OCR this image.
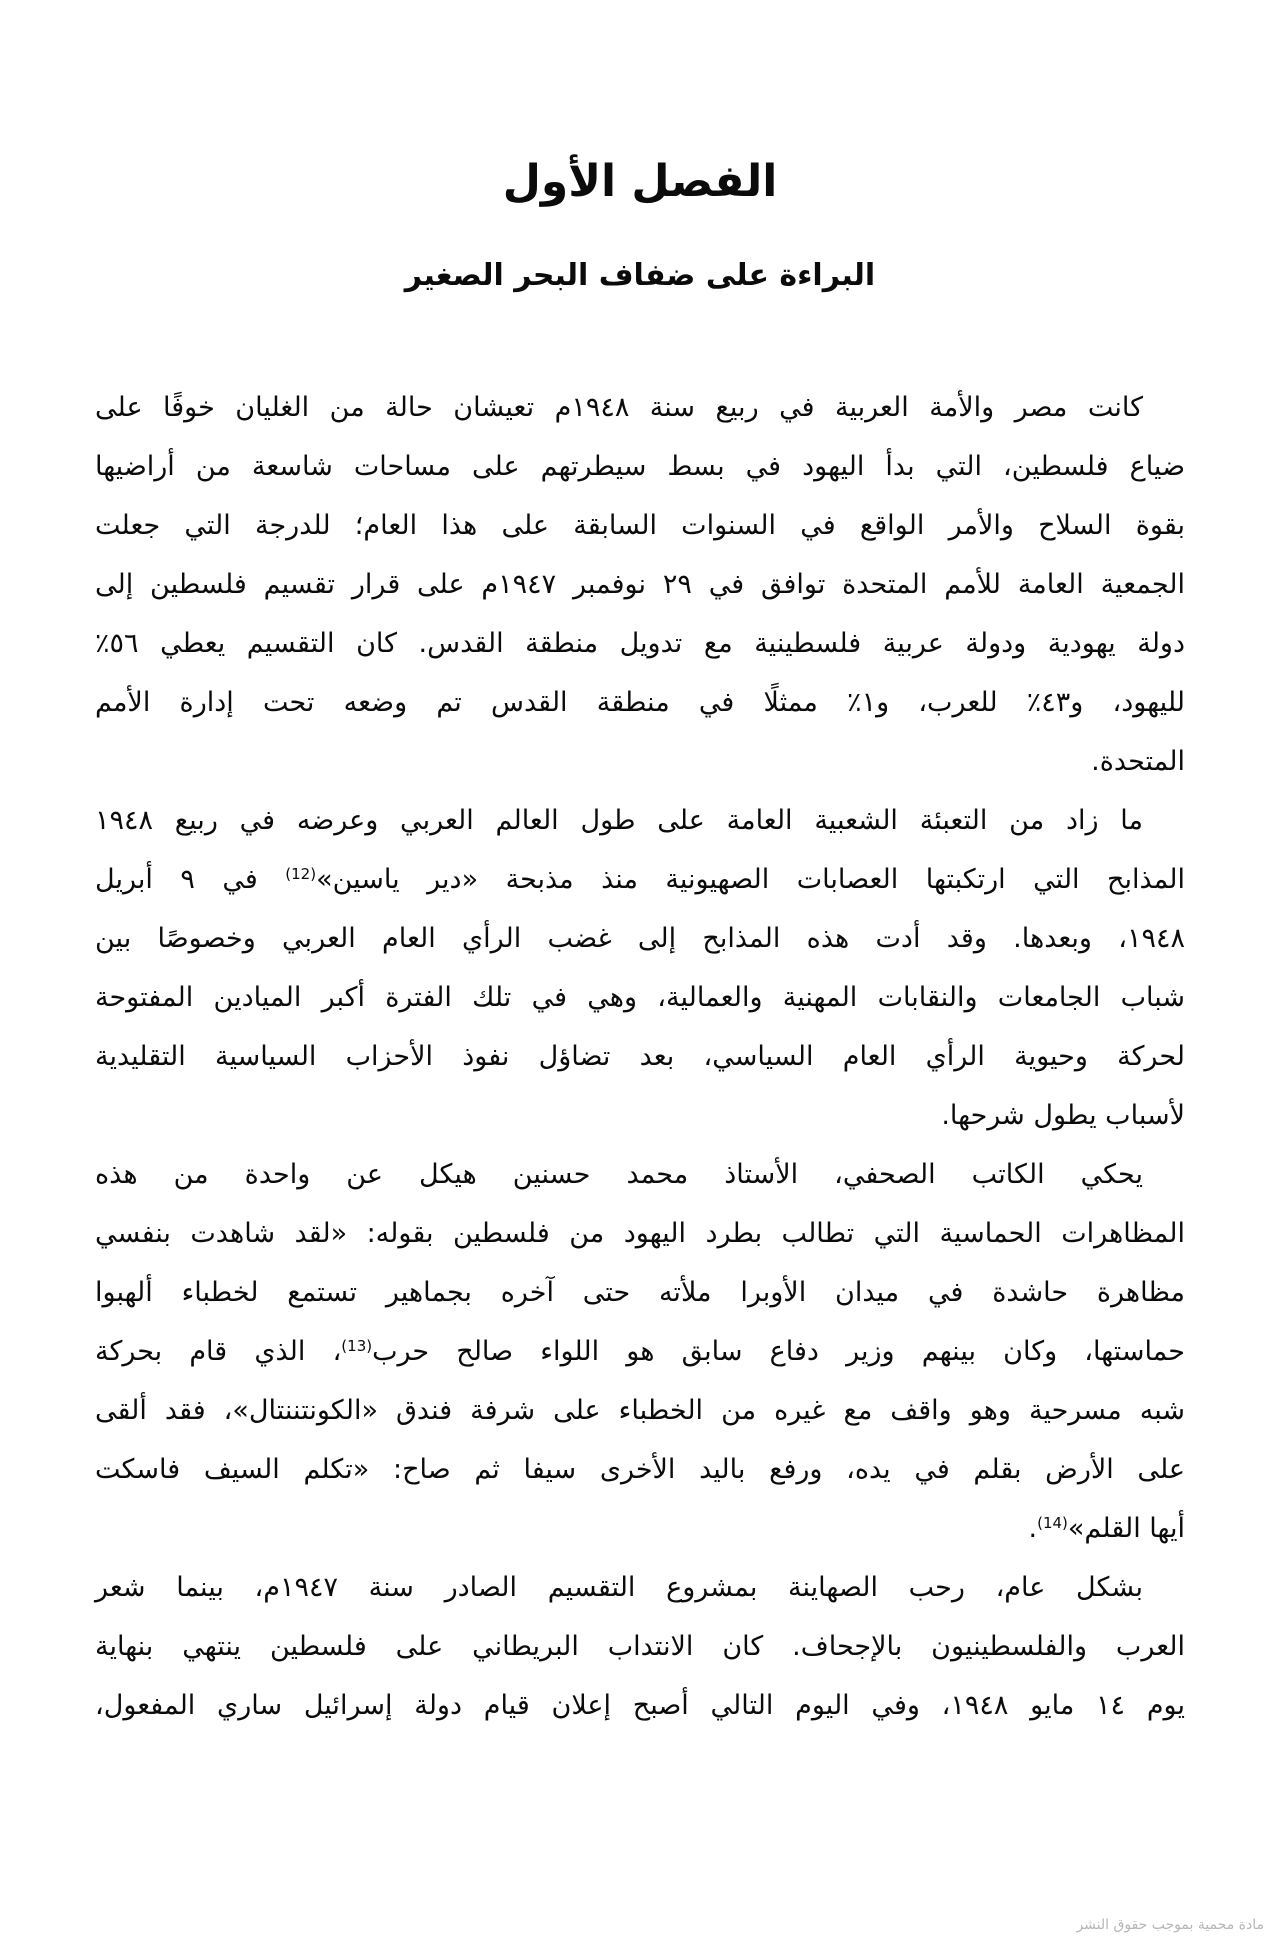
الفصل الأول
البراءة على ضفاف البحر الصغير
كانت مصر والأمة العربية في ربيع سنة ١٩٤٨م تعيشان حالة من الغليان خوفًا على
ضياع فلسطين، التي بدأ اليهود في بسط سيطرتهم على مساحات شاسعة من أراضيها
بقوة السلاح والأمر الواقع في السنوات السابقة على هذا العام؛ للدرجة التي جعلت
الجمعية العامة للأمم المتحدة توافق في ٢٩ نوفمبر ١٩٤٧م على قرار تقسيم فلسطين إلى
دولة يهودية ودولة عربية فلسطينية مع تدويل منطقة القدس. كان التقسيم يعطي ٥٦٪
لليهود، و٤٣٪ للعرب، و١٪ ممثلًا في منطقة القدس تم وضعه تحت إدارة الأمم
المتحدة.
ما زاد من التعبئة الشعبية العامة على طول العالم العربي وعرضه في ربيع ١٩٤٨
المذابح التي ارتكبتها العصابات الصهيونية منذ مذبحة «دير ياسين»$^{(12)}$ في ٩ أبريل
١٩٤٨، وبعدها. وقد أدت هذه المذابح إلى غضب الرأي العام العربي وخصوصًا بين
شباب الجامعات والنقابات المهنية والعمالية، وهي في تلك الفترة أكبر الميادين المفتوحة
لحركة وحيوية الرأي العام السياسي، بعد تضاؤل نفوذ الأحزاب السياسية التقليدية
لأسباب يطول شرحها.
يحكي الكاتب الصحفي، الأستاذ محمد حسنين هيكل عن واحدة من هذه
المظاهرات الحماسية التي تطالب بطرد اليهود من فلسطين بقوله: «لقد شاهدت بنفسي
مظاهرة حاشدة في ميدان الأوبرا ملأته حتى آخره بجماهير تستمع لخطباء ألهبوا
حماستها، وكان بينهم وزير دفاع سابق هو اللواء صالح حرب$^{(13)}$، الذي قام بحركة
شبه مسرحية وهو واقف مع غيره من الخطباء على شرفة فندق «الكونتننتال»، فقد ألقى
على الأرض بقلم في يده، ورفع باليد الأخرى سيفا ثم صاح: «تكلم السيف فاسكت
أيها القلم»$^{(14)}$.
بشكل عام، رحب الصهاينة بمشروع التقسيم الصادر سنة ١٩٤٧م، بينما شعر
العرب والفلسطينيون بالإجحاف. كان الانتداب البريطاني على فلسطين ينتهي بنهاية
يوم ١٤ مايو ١٩٤٨، وفي اليوم التالي أصبح إعلان قيام دولة إسرائيل ساري المفعول،
مادة محمية بموجب حقوق النشر
